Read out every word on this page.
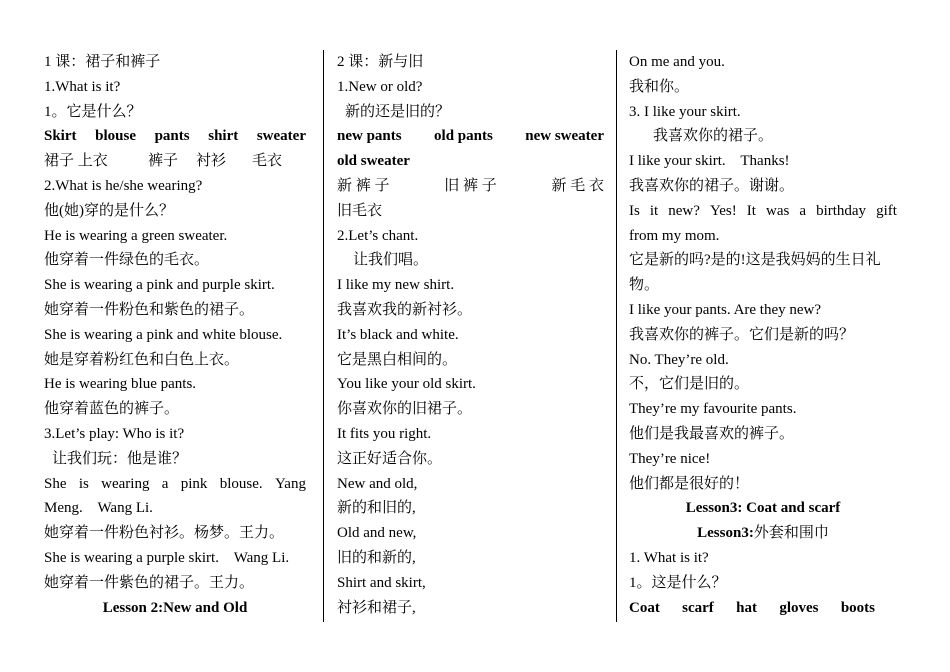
1 课：裙子和裤子
1.What is it?
1。它是什么？
Skirt blouse pants shirt sweater
裙子 上衣	裤子	衬衫	毛衣
2.What is he/she wearing?
他(她)穿的是什么？
He is wearing a green sweater.
他穿着一件绿色的毛衣。
She is wearing a pink and purple skirt.
她穿着一件粉色和紫色的裙子。
She is wearing a pink and white blouse.
她是穿着粉红色和白色上衣。
He is wearing blue pants.
他穿着蓝色的裤子。
3.Let’s play: Who is it?
让我们玩：他是谁？
She is wearing a pink blouse. Yang
Meng.    Wang Li.
她穿着一件粉色衬衫。杨梦。王力。
She is wearing a purple skirt.    Wang Li.
她穿着一件紫色的裙子。王力。
Lesson 2:New and Old
2 课：新与旧
1.New or old?
新的还是旧的？
new pants old pants new sweater
old sweater
新 裤 子	旧 裤 子	新 毛 衣
旧毛衣
2.Let’s chant.
让我们唱。
I like my new shirt.
我喜欢我的新衬衫。
It’s black and white.
它是黑白相间的。
You like your old skirt.
你喜欢你的旧裙子。
It fits you right.
这正好适合你。
New and old,
新的和旧的,
Old and new,
旧的和新的,
Shirt and skirt,
衬衫和裙子,
On me and you.
我和你。
3. I like your skirt.
我喜欢你的裙子。
I like your skirt.    Thanks!
我喜欢你的裙子。谢谢。
Is it new? Yes! It was a birthday gift
from my mom.
它是新的吗?是的!这是我妈妈的生日礼
物。
I like your pants. Are they new?
我喜欢你的裤子。它们是新的吗？
No. They’re old.
不，它们是旧的。
They’re my favourite pants.
他们是我最喜欢的裤子。
They’re nice!
他们都是很好的！
Lesson3: Coat and scarf
Lesson3:外套和围巾
1. What is it?
1。这是什么？
Coat scarf hat gloves boots
